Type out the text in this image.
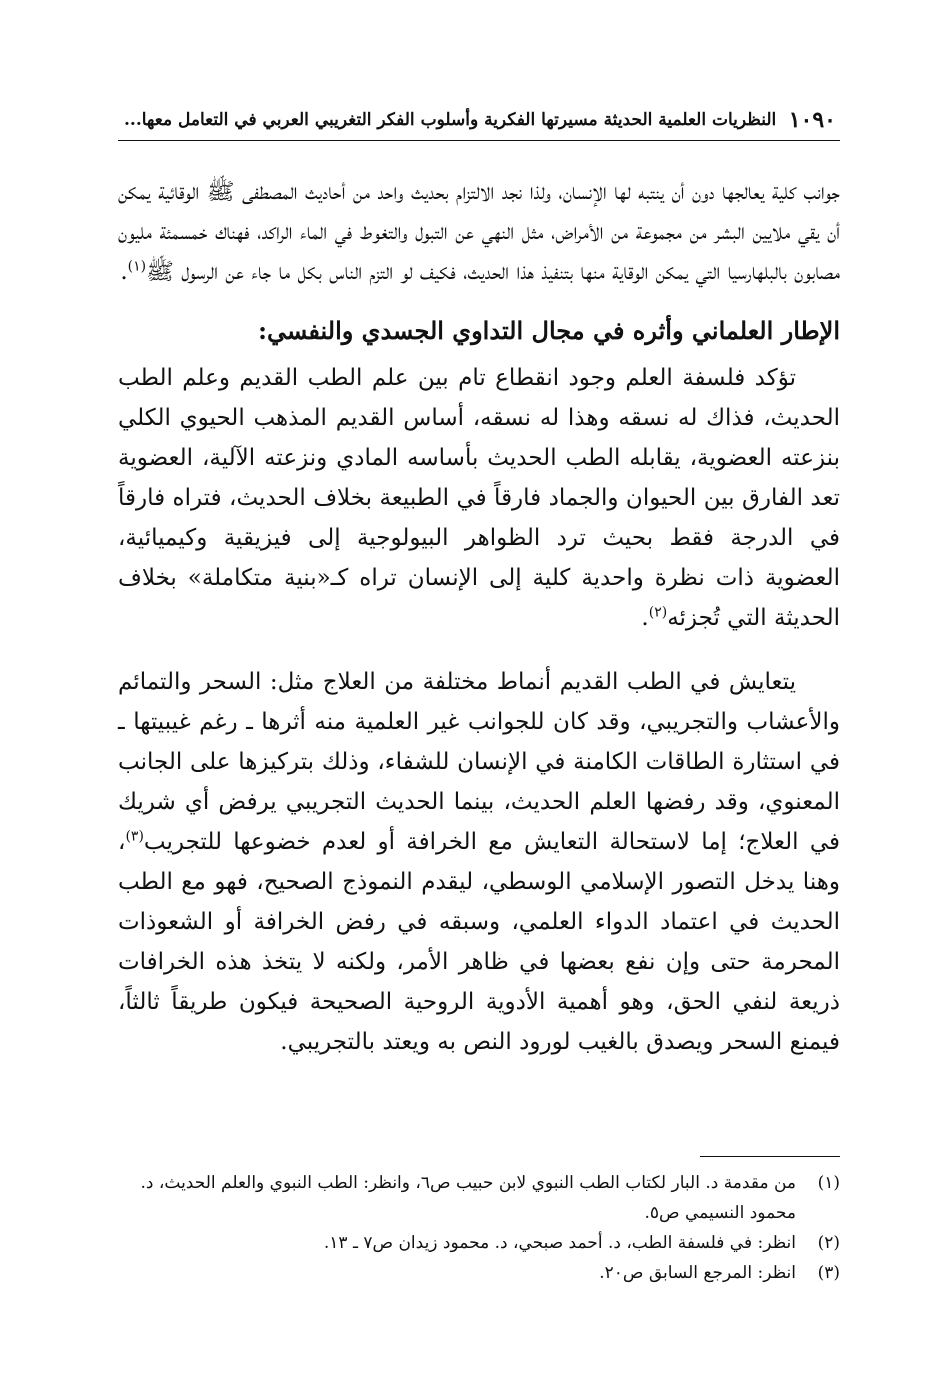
١٠٩٠
النظريات العلمية الحديثة مسيرتها الفكرية وأسلوب الفكر التغريبي العربي في التعامل معها...

جوانب كلية يعالجها دون أن ينتبه لها الإنسان، ولذا نجد الالتزام بحديث واحد من أحاديث المصطفى ﷺ الوقائية يمكن أن يقي ملايين البشر من مجموعة من الأمراض، مثل النهي عن التبول والتغوط في الماء الراكد، فهناك خمسمئة مليون مصابون بالبلهارسيا التي يمكن الوقاية منها بتنفيذ هذا الحديث، فكيف لو التزم الناس بكل ما جاء عن الرسول ﷺ$^{(١)}$.

الإطار العلماني وأثره في مجال التداوي الجسدي والنفسي:

تؤكد فلسفة العلم وجود انقطاع تام بين علم الطب القديم وعلم الطب الحديث، فذاك له نسقه وهذا له نسقه، أساس القديم المذهب الحيوي الكلي بنزعته العضوية، يقابله الطب الحديث بأساسه المادي ونزعته الآلية، العضوية تعد الفارق بين الحيوان والجماد فارقاً في الطبيعة بخلاف الحديث، فتراه فارقاً في الدرجة فقط بحيث ترد الظواهر البيولوجية إلى فيزيقية وكيميائية، العضوية ذات نظرة واحدية كلية إلى الإنسان تراه كـ«بنية متكاملة» بخلاف الحديثة التي تُجزئه$^{(٢)}$.

يتعايش في الطب القديم أنماط مختلفة من العلاج مثل: السحر والتمائم والأعشاب والتجريبي، وقد كان للجوانب غير العلمية منه أثرها ـ رغم غيبيتها ـ في استثارة الطاقات الكامنة في الإنسان للشفاء، وذلك بتركيزها على الجانب المعنوي، وقد رفضها العلم الحديث، بينما الحديث التجريبي يرفض أي شريك في العلاج؛ إما لاستحالة التعايش مع الخرافة أو لعدم خضوعها للتجريب$^{(٣)}$، وهنا يدخل التصور الإسلامي الوسطي، ليقدم النموذج الصحيح، فهو مع الطب الحديث في اعتماد الدواء العلمي، وسبقه في رفض الخرافة أو الشعوذات المحرمة حتى وإن نفع بعضها في ظاهر الأمر، ولكنه لا يتخذ هذه الخرافات ذريعة لنفي الحق، وهو أهمية الأدوية الروحية الصحيحة فيكون طريقاً ثالثاً، فيمنع السحر ويصدق بالغيب لورود النص به ويعتد بالتجريبي.

(١)
من مقدمة د. البار لكتاب الطب النبوي لابن حبيب ص٦، وانظر: الطب النبوي والعلم الحديث، د. محمود النسيمي ص٥.
(٢)
انظر: في فلسفة الطب، د. أحمد صبحي، د. محمود زيدان ص٧ ـ ١٣.
(٣)
انظر: المرجع السابق ص٢٠.
